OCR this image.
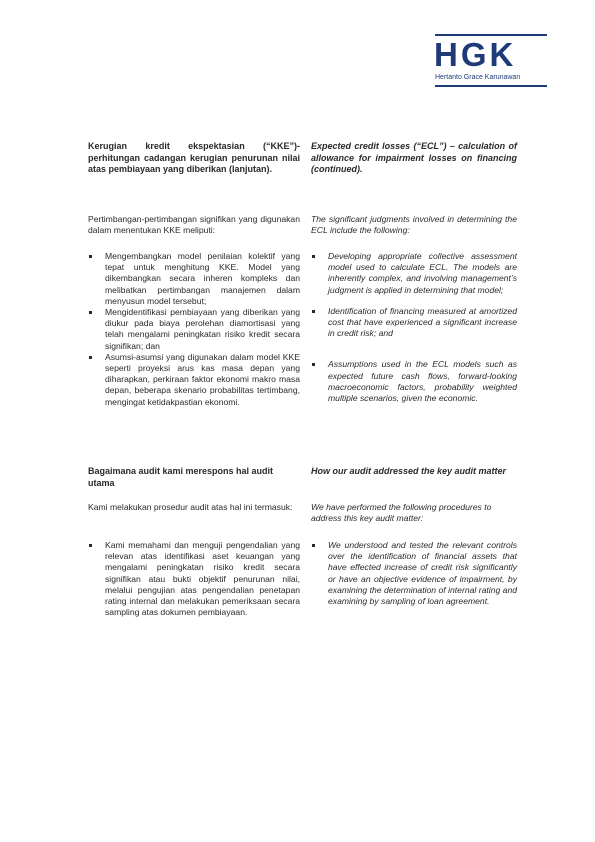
HGK
Hertanto Grace Karunawan
Kerugian kredit ekspektasian (“KKE”)- perhitungan cadangan kerugian penurunan nilai atas pembiayaan yang diberikan (lanjutan).
Expected credit losses (“ECL”) – calculation of allowance for impairment losses on financing (continued).
Pertimbangan-pertimbangan signifikan yang digunakan dalam menentukan KKE meliputi:
The significant judgments involved in determining the ECL include the following:
Mengembangkan model penilaian kolektif yang tepat untuk menghitung KKE. Model yang dikembangkan secara inheren kompleks dan melibatkan pertimbangan manajemen dalam menyusun model tersebut;
Mengidentifikasi pembiayaan yang diberikan yang diukur pada biaya perolehan diamortisasi yang telah mengalami peningkatan risiko kredit secara signifikan; dan
Asumsi-asumsi yang digunakan dalam model KKE seperti proyeksi arus kas masa depan yang diharapkan, perkiraan faktor ekonomi makro masa depan, beberapa skenario probabilitas tertimbang, mengingat ketidakpastian ekonomi.
Developing appropriate collective assessment model used to calculate ECL. The models are inherently complex, and involving management’s judgment is applied in determining that model;
Identification of financing measured at amortized cost that have experienced a significant increase in credit risk; and
Assumptions used in the ECL models such as expected future cash flows, forward-looking macroeconomic factors, probability weighted multiple scenarios, given the economic.
Bagaimana audit kami merespons hal audit utama
How our audit addressed the key audit matter
Kami melakukan prosedur audit atas hal ini termasuk:	We have performed the following procedures to address this key audit matter:
Kami memahami dan menguji pengendalian yang relevan atas identifikasi aset keuangan yang mengalami peningkatan risiko kredit secara signifikan atau bukti objektif penurunan nilai, melalui pengujian atas pengendalian penetapan rating internal dan melakukan pemeriksaan secara sampling atas dokumen pembiayaan.
We understood and tested the relevant controls over the identification of financial assets that have effected increase of credit risk significantly or have an objective evidence of impairment, by examining the determination of internal rating and examining by sampling of loan agreement.
